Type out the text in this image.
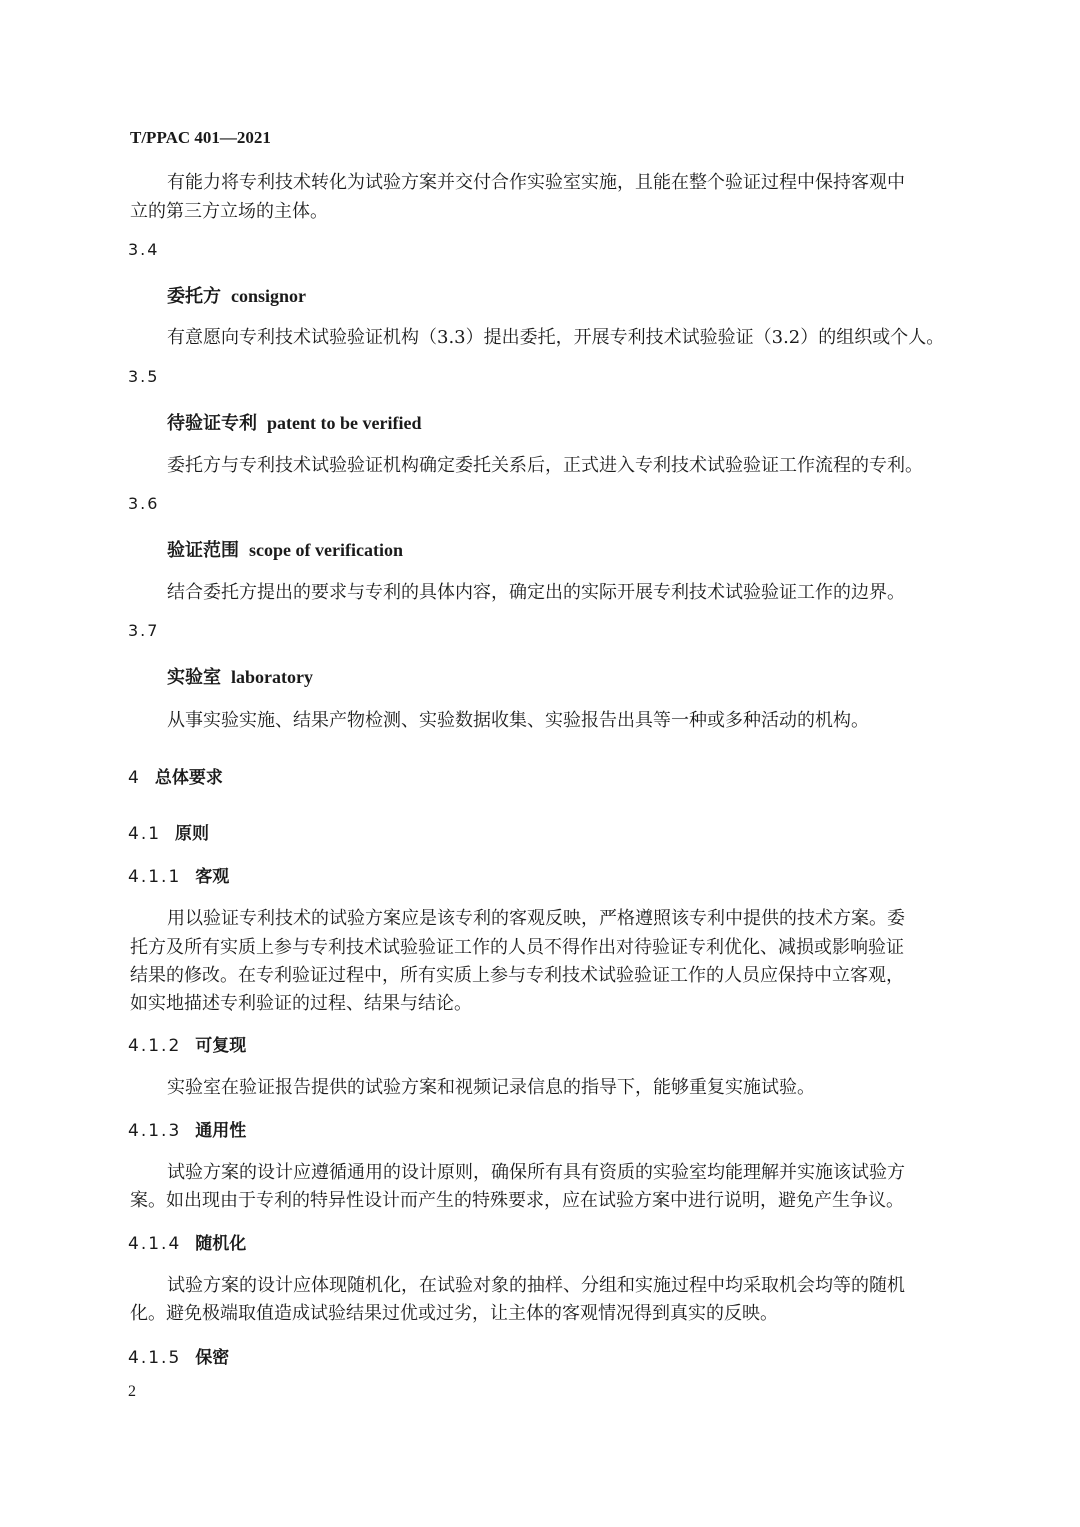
T/PPAC 401—2021
有能力将专利技术转化为试验方案并交付合作实验室实施，且能在整个验证过程中保持客观中
立的第三方立场的主体。
3.4
委托方 consignor
有意愿向专利技术试验验证机构（3.3）提出委托，开展专利技术试验验证（3.2）的组织或个人。
3.5
待验证专利 patent to be verified
委托方与专利技术试验验证机构确定委托关系后，正式进入专利技术试验验证工作流程的专利。
3.6
验证范围 scope of verification
结合委托方提出的要求与专利的具体内容，确定出的实际开展专利技术试验验证工作的边界。
3.7
实验室 laboratory
从事实验实施、结果产物检测、实验数据收集、实验报告出具等一种或多种活动的机构。
4 总体要求
4.1 原则
4.1.1 客观
用以验证专利技术的试验方案应是该专利的客观反映，严格遵照该专利中提供的技术方案。委
托方及所有实质上参与专利技术试验验证工作的人员不得作出对待验证专利优化、减损或影响验证
结果的修改。在专利验证过程中，所有实质上参与专利技术试验验证工作的人员应保持中立客观，
如实地描述专利验证的过程、结果与结论。
4.1.2 可复现
实验室在验证报告提供的试验方案和视频记录信息的指导下，能够重复实施试验。
4.1.3 通用性
试验方案的设计应遵循通用的设计原则，确保所有具有资质的实验室均能理解并实施该试验方
案。如出现由于专利的特异性设计而产生的特殊要求，应在试验方案中进行说明，避免产生争议。
4.1.4 随机化
试验方案的设计应体现随机化，在试验对象的抽样、分组和实施过程中均采取机会均等的随机
化。避免极端取值造成试验结果过优或过劣，让主体的客观情况得到真实的反映。
4.1.5 保密
2
